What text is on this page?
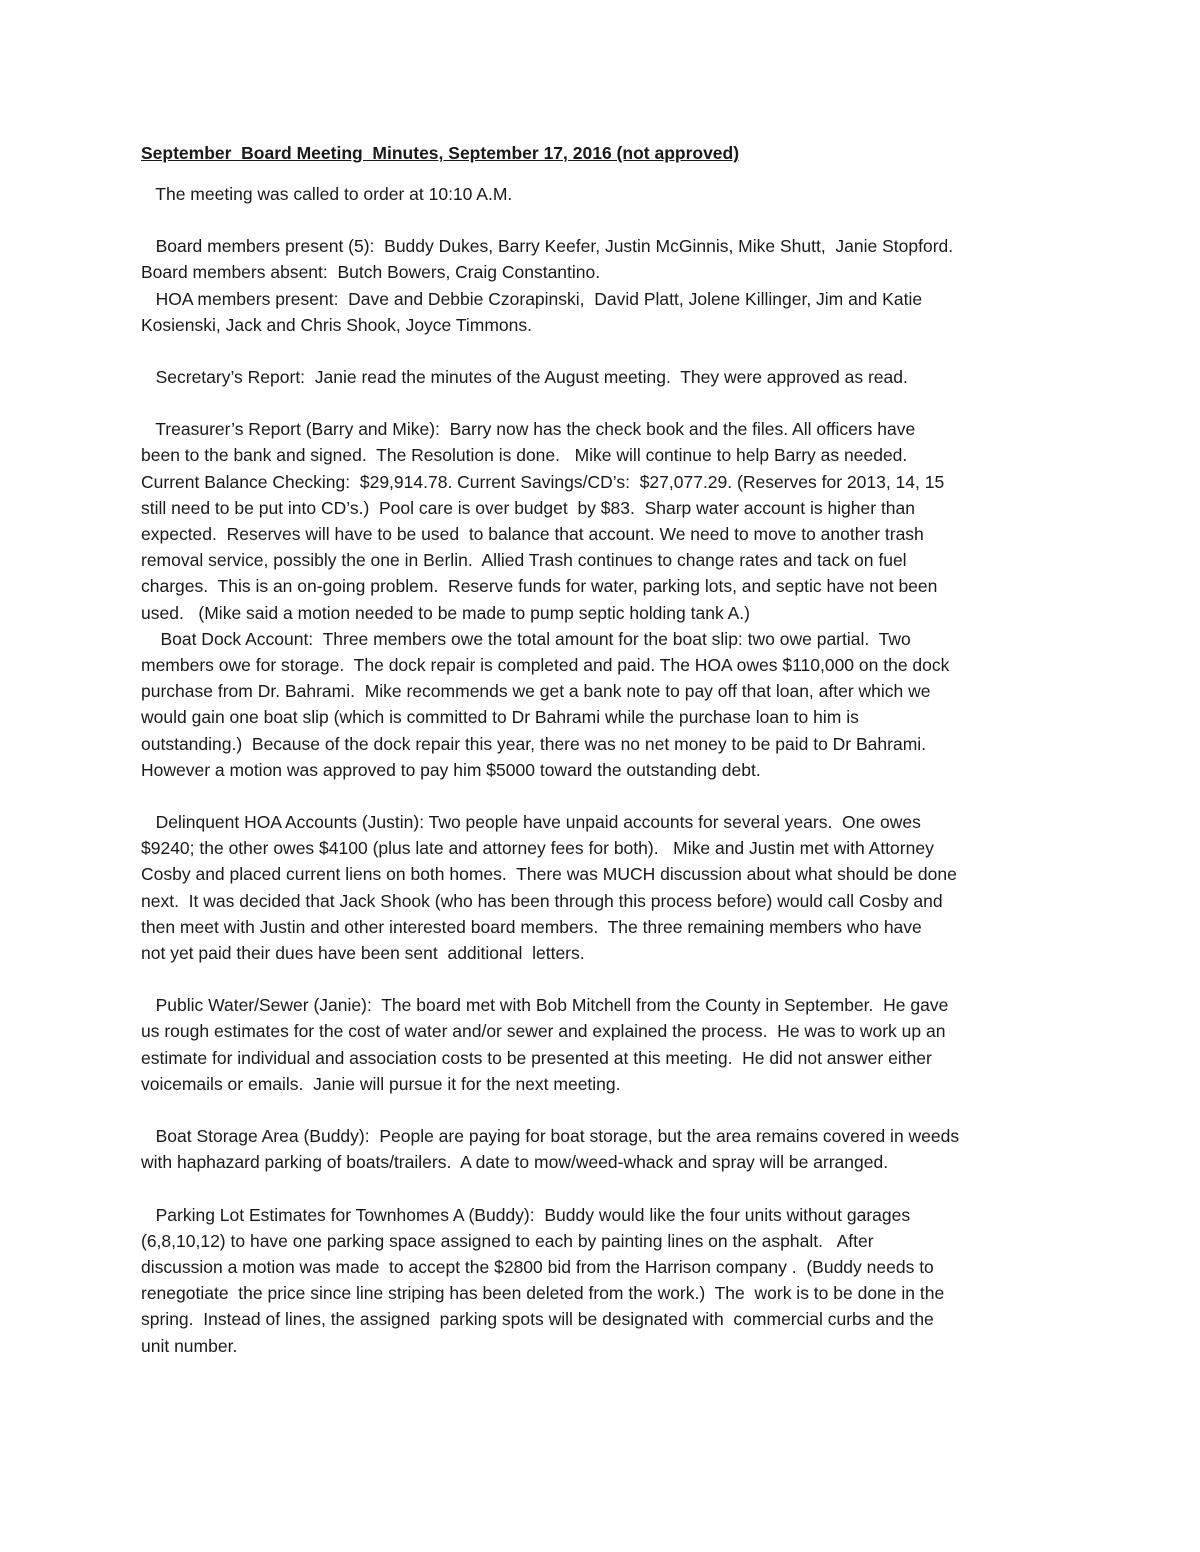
September  Board Meeting  Minutes, September 17, 2016 (not approved)
The meeting was called to order at 10:10 A.M.
Board members present (5):  Buddy Dukes, Barry Keefer, Justin McGinnis, Mike Shutt,  Janie Stopford.
Board members absent:  Butch Bowers, Craig Constantino.
HOA members present:  Dave and Debbie Czorapinski,  David Platt, Jolene Killinger, Jim and Katie
Kosienski, Jack and Chris Shook, Joyce Timmons.
Secretary’s Report:  Janie read the minutes of the August meeting.  They were approved as read.
Treasurer’s Report (Barry and Mike):  Barry now has the check book and the files. All officers have
been to the bank and signed.  The Resolution is done.   Mike will continue to help Barry as needed.
Current Balance Checking:  $29,914.78. Current Savings/CD’s:  $27,077.29. (Reserves for 2013, 14, 15
still need to be put into CD’s.)  Pool care is over budget  by $83.  Sharp water account is higher than
expected.  Reserves will have to be used  to balance that account. We need to move to another trash
removal service, possibly the one in Berlin.  Allied Trash continues to change rates and tack on fuel
charges.  This is an on-going problem.  Reserve funds for water, parking lots, and septic have not been
used.   (Mike said a motion needed to be made to pump septic holding tank A.)
Boat Dock Account:  Three members owe the total amount for the boat slip: two owe partial.  Two
members owe for storage.  The dock repair is completed and paid. The HOA owes $110,000 on the dock
purchase from Dr. Bahrami.  Mike recommends we get a bank note to pay off that loan, after which we
would gain one boat slip (which is committed to Dr Bahrami while the purchase loan to him is
outstanding.)  Because of the dock repair this year, there was no net money to be paid to Dr Bahrami.
However a motion was approved to pay him $5000 toward the outstanding debt.
Delinquent HOA Accounts (Justin): Two people have unpaid accounts for several years.  One owes
$9240; the other owes $4100 (plus late and attorney fees for both).   Mike and Justin met with Attorney
Cosby and placed current liens on both homes.  There was MUCH discussion about what should be done
next.  It was decided that Jack Shook (who has been through this process before) would call Cosby and
then meet with Justin and other interested board members.  The three remaining members who have
not yet paid their dues have been sent  additional  letters.
Public Water/Sewer (Janie):  The board met with Bob Mitchell from the County in September.  He gave
us rough estimates for the cost of water and/or sewer and explained the process.  He was to work up an
estimate for individual and association costs to be presented at this meeting.  He did not answer either
voicemails or emails.  Janie will pursue it for the next meeting.
Boat Storage Area (Buddy):  People are paying for boat storage, but the area remains covered in weeds
with haphazard parking of boats/trailers.  A date to mow/weed-whack and spray will be arranged.
Parking Lot Estimates for Townhomes A (Buddy):  Buddy would like the four units without garages
(6,8,10,12) to have one parking space assigned to each by painting lines on the asphalt.   After
discussion a motion was made  to accept the $2800 bid from the Harrison company .  (Buddy needs to
renegotiate  the price since line striping has been deleted from the work.)  The  work is to be done in the
spring.  Instead of lines, the assigned  parking spots will be designated with  commercial curbs and the
unit number.
